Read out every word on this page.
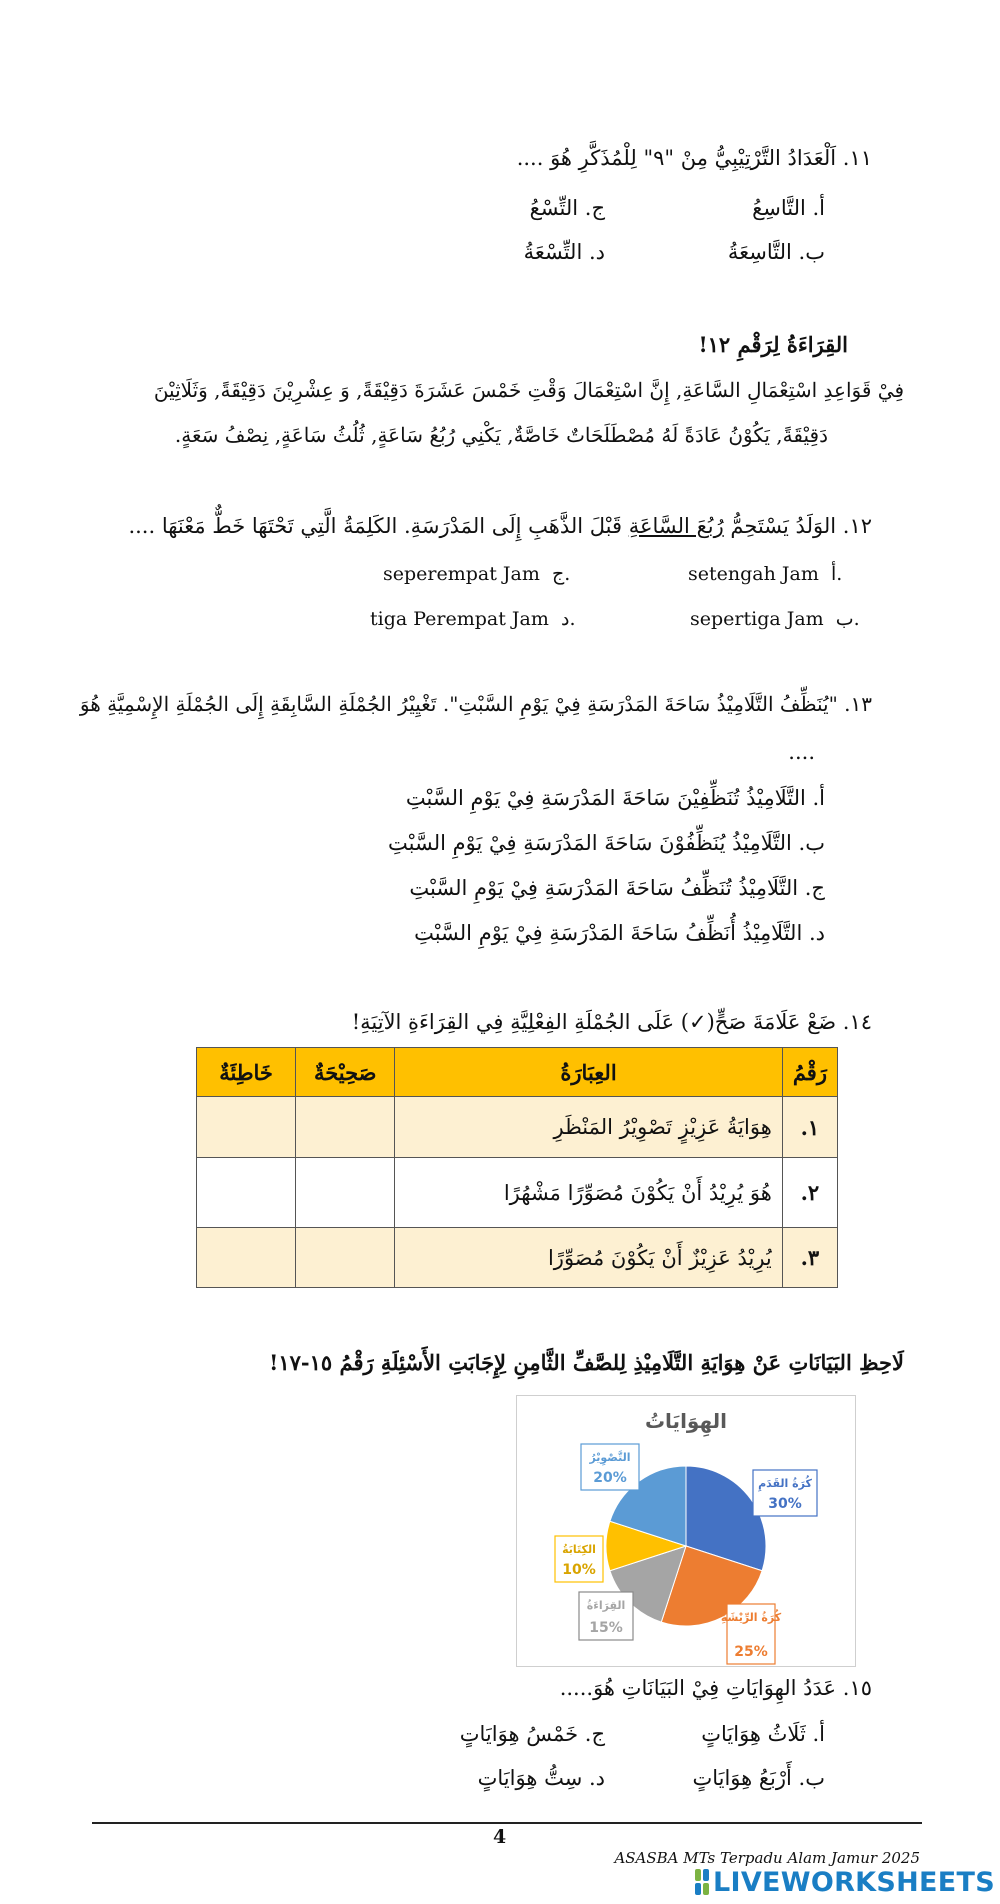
١١. اَلْعَدَادُ التَّرْتِيْبِيُّ مِنْ "٩" لِلْمُذَكَّرِ هُوَ ....
أ. التَّاسِعُ
ج. التِّسْعُ
ب. التَّاسِعَةُ
د. التِّسْعَةُ
القِرَاءَةُ لِرَقْمِ ١٢!
فِيْ قَوَاعِدِ اسْتِعْمَالِ السَّاعَةِ, إِنَّ اسْتِعْمَالَ وَقْتِ خَمْسَ عَشَرَةَ دَقِيْقَةً, وَ عِشْرِيْنَ دَقِيْقَةً, وَثَلَاثِيْنَ
دَقِيْقَةً, يَكُوْنُ عَادَةً لَهُ مُصْطَلَحَاتٌ خَاصَّةٌ, يَكْنِي رُبُعُ سَاعَةٍ, ثُلُثُ سَاعَةٍ, نِصْفُ سَعَةٍ.
١٢. الوَلَدُ يَسْتَحِمُّ رُبُعَ السَّاعَةِ قَبْلَ الذَّهَبِ إِلَى المَدْرَسَةِ. الكَلِمَةُ الَّتِي تَحْتَهَا خَطٌّ مَعْنَهَا ....
setengah Jam أ.
seperempat Jam ج.
sepertiga Jam ب.
tiga Perempat Jam د.
١٣. "يُنَظِّفُ التَّلَامِيْذُ سَاحَةَ المَدْرَسَةِ فِيْ يَوْمِ السَّبْتِ". تَغْيِيْرُ الجُمْلَةِ السَّابِقَةِ إِلَى الجُمْلَةِ الإِسْمِيَّةِ هُوَ
....
أ. التَّلَامِيْذُ تُنَظِّفِيْنَ سَاحَةَ المَدْرَسَةِ فِيْ يَوْمِ السَّبْتِ
ب. التَّلَامِيْذُ يُنَظِّفُوْنَ سَاحَةَ المَدْرَسَةِ فِيْ يَوْمِ السَّبْتِ
ج. التَّلَامِيْذُ تُنَظِّفُ سَاحَةَ المَدْرَسَةِ فِيْ يَوْمِ السَّبْتِ
د. التَّلَامِيْذُ أُنَظِّفُ سَاحَةَ المَدْرَسَةِ فِيْ يَوْمِ السَّبْتِ
١٤. ضَعْ عَلَامَةَ صَحٍّ(✓) عَلَى الجُمْلَةِ الفِعْلِيَّةِ فِي القِرَاءَةِ الآتِيَةِ!
رَقْمُ	العِبَارَةُ	صَحِيْحَةٌ	خَاطِئَةٌ
١.	هِوَايَةُ عَزِيْزٍ تَصْوِيْرُ المَنْظَرِ		
٢.	هُوَ يُرِيْدُ أَنْ يَكُوْنَ مُصَوِّرًا مَشْهُرًا		
٣.	يُرِيْدُ عَزِيْزٌ أَنْ يَكُوْنَ مُصَوِّرًا		
لَاحِظِ البَيَانَاتِ عَنْ هِوَايَةِ التَّلَامِيْذِ لِلصَّفِّ الثَّامِنِ لِإِجَابَتِ الأَسْئِلَةِ رَقْمُ ١٥-١٧!
الهِوَايَاتُ
كُرَةُ القَدَمِ
30%
كُرَةُ الرِّيْشَةِ
25%
القِرَاءَةُ
15%
الكِتَابَةُ
10%
التَّصْوِيْرُ
20%
١٥. عَدَدُ الهِوَايَاتِ فِيْ البَيَانَاتِ هُوَ.....
أ. ثَلَاثُ هِوَايَاتٍ
ج. خَمْسُ هِوَايَاتٍ
ب. أَرْبَعُ هِوَايَاتٍ
د. سِتُّ هِوَايَاتٍ
4
ASASBA MTs Terpadu Alam Jamur 2025
LIVEWORKSHEETS
